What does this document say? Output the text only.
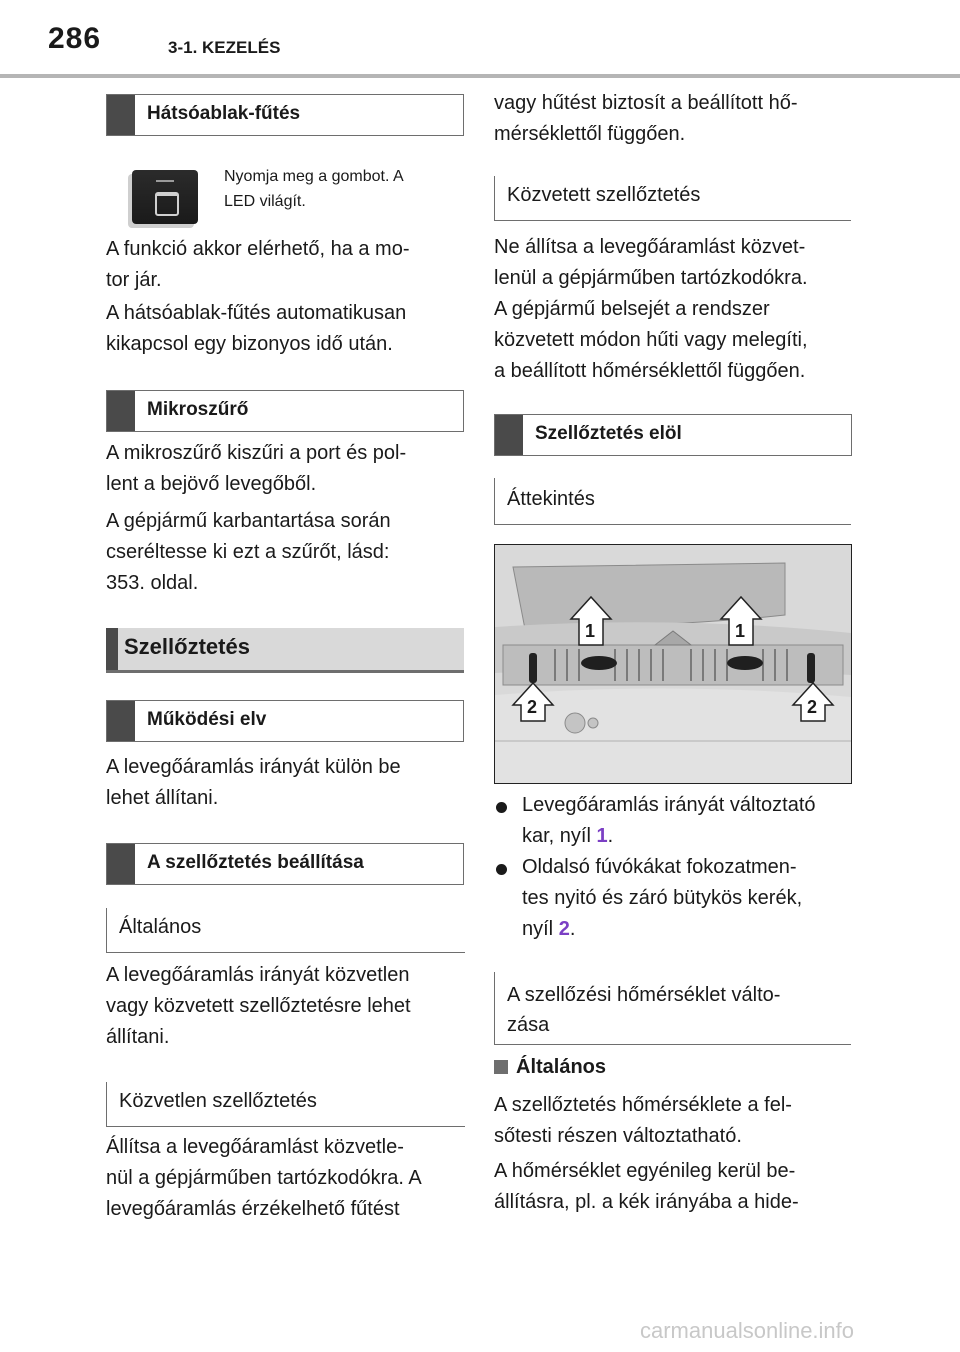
286	3-1. KEZELÉS
Hátsóablak-fűtés
Nyomja meg a gombot. A
LED világít.
A funkció akkor elérhető, ha a mo-
tor jár.
A hátsóablak-fűtés automatikusan
kikapcsol egy bizonyos idő után.
Mikroszűrő
A mikroszűrő kiszűri a port és pol-
lent a bejövő levegőből.
A gépjármű karbantartása során
cseréltesse ki ezt a szűrőt, lásd:
353. oldal.
Szellőztetés
Működési elv
A levegőáramlás irányát külön be
lehet állítani.
A szellőztetés beállítása
Általános
A levegőáramlás irányát közvetlen
vagy közvetett szellőztetésre lehet
állítani.
Közvetlen szellőztetés
Állítsa a levegőáramlást közvetle-
nül a gépjárműben tartózkodókra. A
levegőáramlás érzékelhető fűtést
vagy hűtést biztosít a beállított hő-
mérséklettől függően.
Közvetett szellőztetés
Ne állítsa a levegőáramlást közvet-
lenül a gépjárműben tartózkodókra.
A gépjármű belsejét a rendszer
közvetett módon hűti vagy melegíti,
a beállított hőmérséklettől függően.
Szellőztetés elöl
Áttekintés
1	1
2	2
Levegőáramlás irányát változtató
kar, nyíl 1.
Oldalsó fúvókákat fokozatmen-
tes nyitó és záró bütykös kerék,
nyíl 2.
A szellőzési hőmérséklet válto-
zása
Általános
A szellőztetés hőmérséklete a fel-
sőtesti részen változtatható.
A hőmérséklet egyénileg kerül be-
állításra, pl. a kék irányába a hide-
carmanualsonline.info
